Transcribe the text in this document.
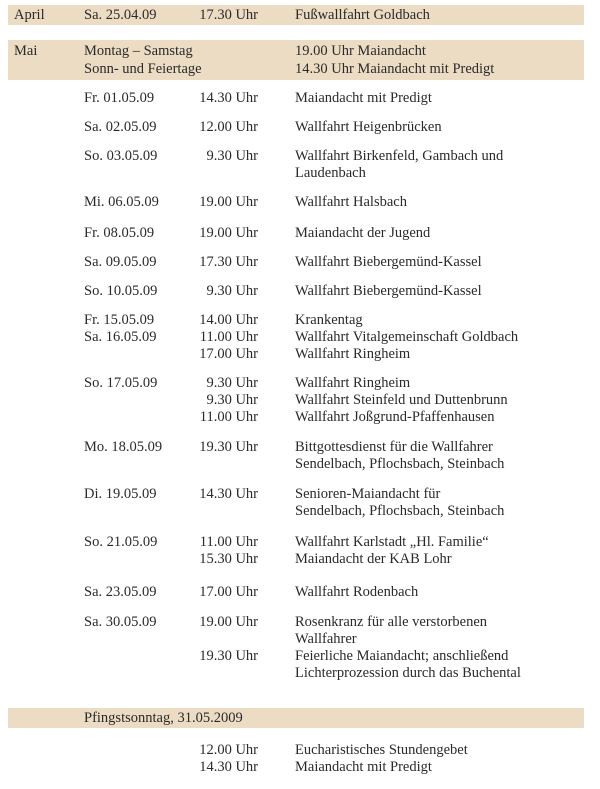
April	Sa. 25.04.09	17.30 Uhr	Fußwallfahrt Goldbach
Mai	Montag – Samstag	19.00 Uhr Maiandacht
Sonn- und Feiertage	14.30 Uhr Maiandacht mit Predigt
Fr. 01.05.09	14.30 Uhr	Maiandacht mit Predigt
Sa. 02.05.09	12.00 Uhr	Wallfahrt Heigenbrücken
So. 03.05.09	9.30 Uhr	Wallfahrt Birkenfeld, Gambach und
Laudenbach
Mi. 06.05.09	19.00 Uhr	Wallfahrt Halsbach
Fr. 08.05.09	19.00 Uhr	Maiandacht der Jugend
Sa. 09.05.09	17.30 Uhr	Wallfahrt Biebergemünd-Kassel
So. 10.05.09	9.30 Uhr	Wallfahrt Biebergemünd-Kassel
Fr. 15.05.09	14.00 Uhr	Krankentag
Sa. 16.05.09	11.00 Uhr	Wallfahrt Vitalgemeinschaft Goldbach
17.00 Uhr	Wallfahrt Ringheim
So. 17.05.09	9.30 Uhr	Wallfahrt Ringheim
9.30 Uhr	Wallfahrt Steinfeld und Duttenbrunn
11.00 Uhr	Wallfahrt Joßgrund-Pfaffenhausen
Mo. 18.05.09	19.30 Uhr	Bittgottesdienst für die Wallfahrer
Sendelbach, Pflochsbach, Steinbach
Di. 19.05.09	14.30 Uhr	Senioren-Maiandacht für
Sendelbach, Pflochsbach, Steinbach
So. 21.05.09	11.00 Uhr	Wallfahrt Karlstadt „Hl. Familie“
15.30 Uhr	Maiandacht der KAB Lohr
Sa. 23.05.09	17.00 Uhr	Wallfahrt Rodenbach
Sa. 30.05.09	19.00 Uhr	Rosenkranz für alle verstorbenen
Wallfahrer
19.30 Uhr	Feierliche Maiandacht; anschließend
Lichterprozession durch das Buchental
Pfingstsonntag, 31.05.2009
12.00 Uhr	Eucharistisches Stundengebet
14.30 Uhr	Maiandacht mit Predigt
